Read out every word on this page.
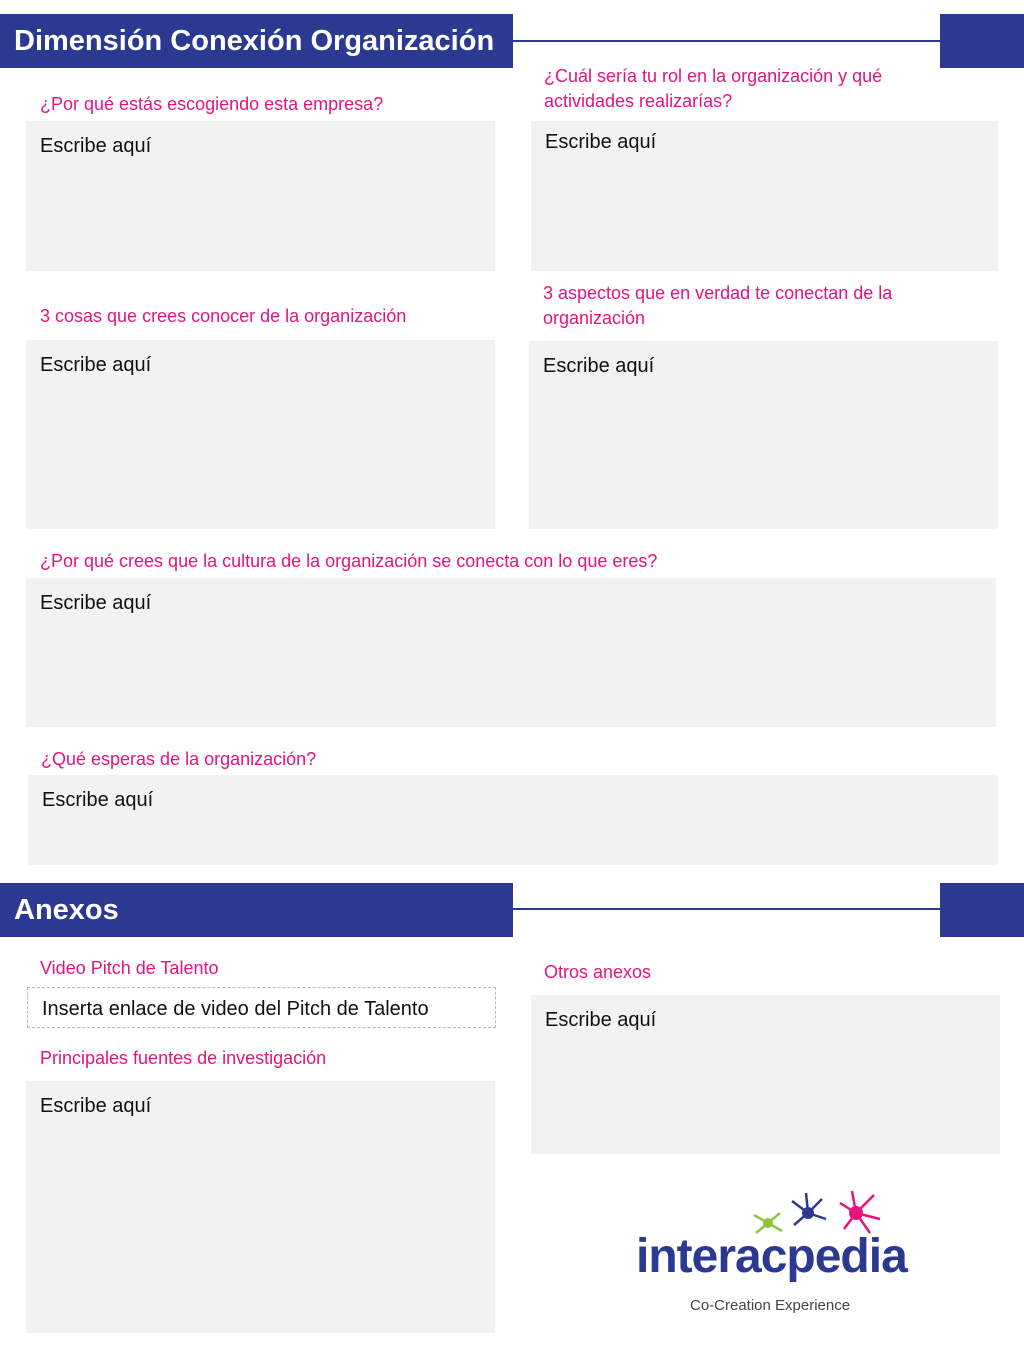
Dimensión Conexión Organización
¿Por qué estás escogiendo esta empresa?
Escribe aquí
¿Cuál sería tu rol en la organización y qué actividades realizarías?
Escribe aquí
3 cosas que crees conocer de la organización
Escribe aquí
3 aspectos que en verdad te conectan de la organización
Escribe aquí
¿Por qué crees que la cultura de la organización se conecta con lo que eres?
Escribe aquí
¿Qué esperas de la organización?
Escribe aquí
Anexos
Video Pitch de Talento
Inserta enlace de video del Pitch de Talento
Principales fuentes de investigación
Escribe aquí
Otros anexos
Escribe aquí
interacpedia
Co-Creation Experience
